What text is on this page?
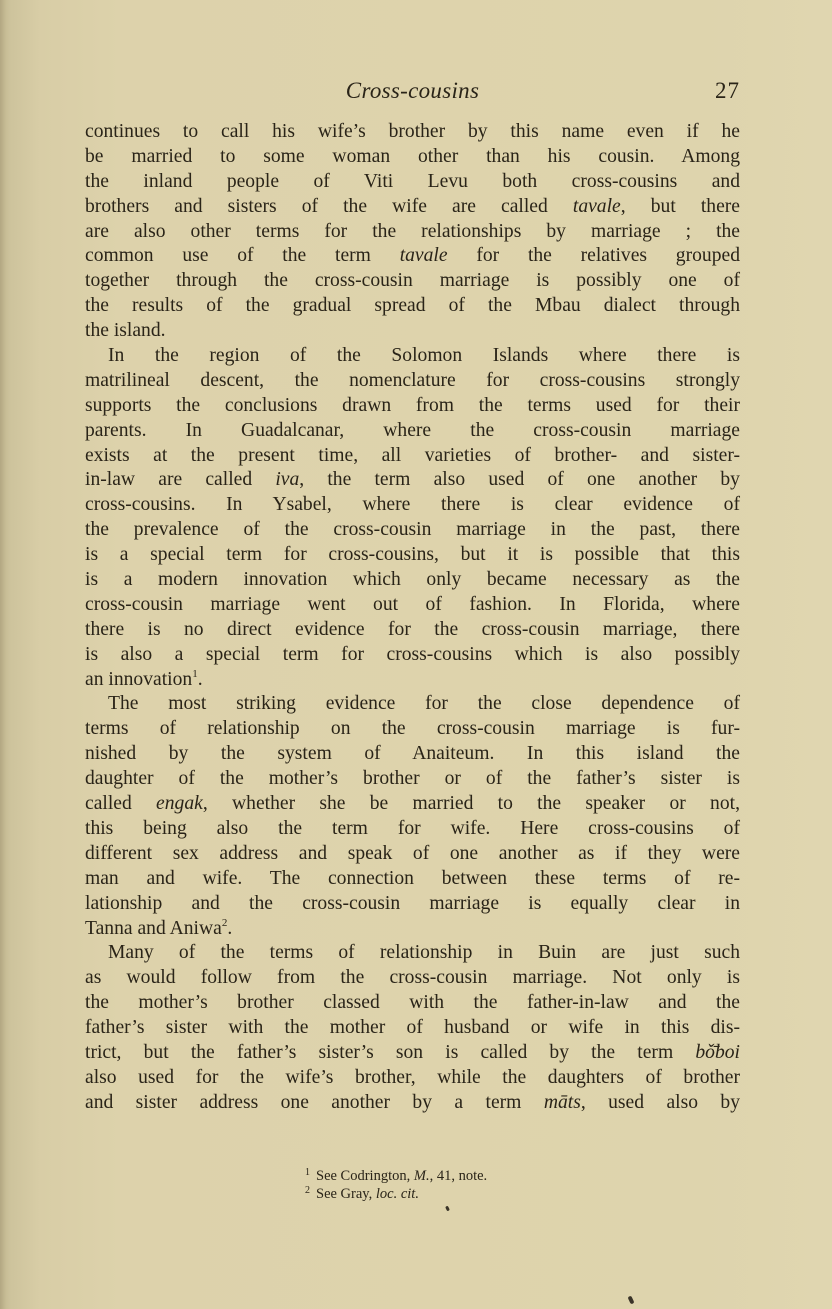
Cross-cousins	27
continues to call his wife’s brother by this name even if he
be married to some woman other than his cousin. Among
the inland people of Viti Levu both cross-cousins and
brothers and sisters of the wife are called tavale, but there
are also other terms for the relationships by marriage ; the
common use of the term tavale for the relatives grouped
together through the cross-cousin marriage is possibly one of
the results of the gradual spread of the Mbau dialect through
the island.
In the region of the Solomon Islands where there is
matrilineal descent, the nomenclature for cross-cousins strongly
supports the conclusions drawn from the terms used for their
parents. In Guadalcanar, where the cross-cousin marriage
exists at the present time, all varieties of brother- and sister-
in-law are called iva, the term also used of one another by
cross-cousins. In Ysabel, where there is clear evidence of
the prevalence of the cross-cousin marriage in the past, there
is a special term for cross-cousins, but it is possible that this
is a modern innovation which only became necessary as the
cross-cousin marriage went out of fashion. In Florida, where
there is no direct evidence for the cross-cousin marriage, there
is also a special term for cross-cousins which is also possibly
an innovation$^1$.
The most striking evidence for the close dependence of
terms of relationship on the cross-cousin marriage is fur-
nished by the system of Anaiteum. In this island the
daughter of the mother’s brother or of the father’s sister is
called engak, whether she be married to the speaker or not,
this being also the term for wife. Here cross-cousins of
different sex address and speak of one another as if they were
man and wife. The connection between these terms of re-
lationship and the cross-cousin marriage is equally clear in
Tanna and Aniwa$^2$.
Many of the terms of relationship in Buin are just such
as would follow from the cross-cousin marriage. Not only is
the mother’s brother classed with the father-in-law and the
father’s sister with the mother of husband or wife in this dis-
trict, but the father’s sister’s son is called by the term bǒ̄boi
also used for the wife’s brother, while the daughters of brother
and sister address one another by a term māts, used also by
$^1$ See Codrington, M., 41, note.
$^2$ See Gray, loc. cit.
